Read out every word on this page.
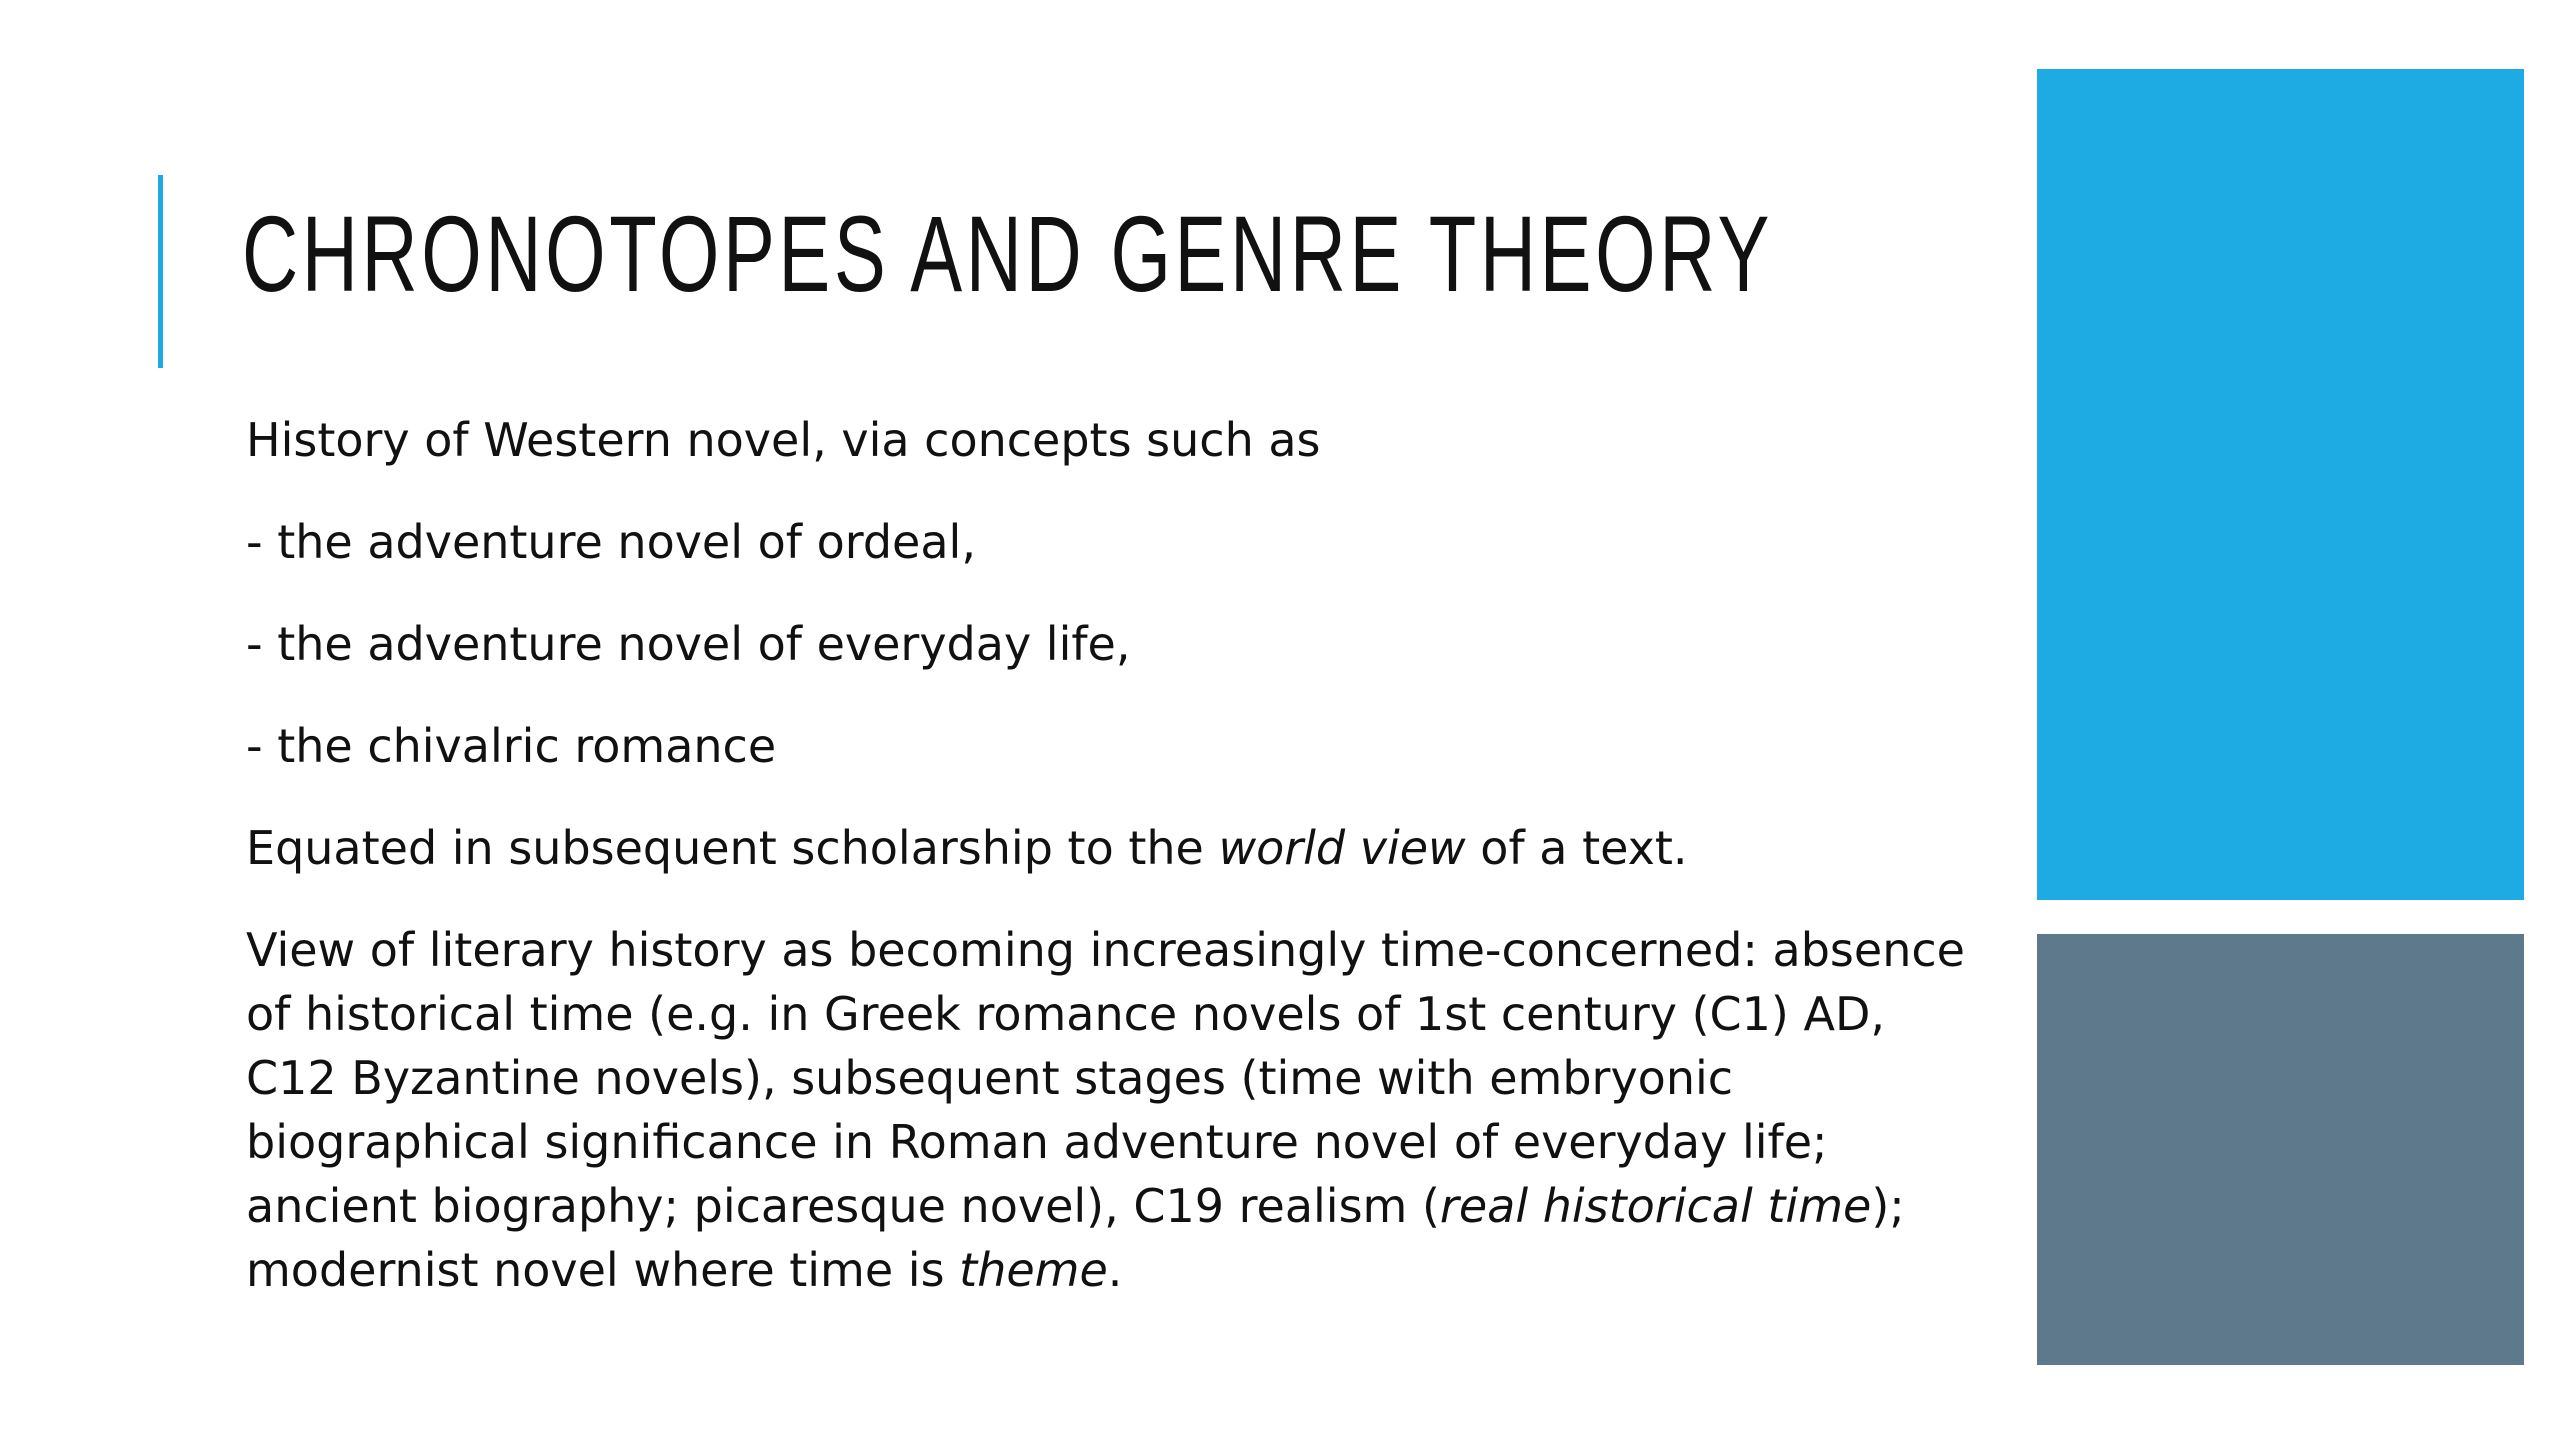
CHRONOTOPES AND GENRE THEORY

History of Western novel, via concepts such as

- the adventure novel of ordeal,

- the adventure novel of everyday life,

- the chivalric romance

Equated in subsequent scholarship to the world view of a text.

View of literary history as becoming increasingly time-concerned: absence of historical time (e.g. in Greek romance novels of 1st century (C1) AD, C12 Byzantine novels), subsequent stages (time with embryonic biographical significance in Roman adventure novel of everyday life; ancient biography; picaresque novel), C19 realism (real historical time); modernist novel where time is theme.
